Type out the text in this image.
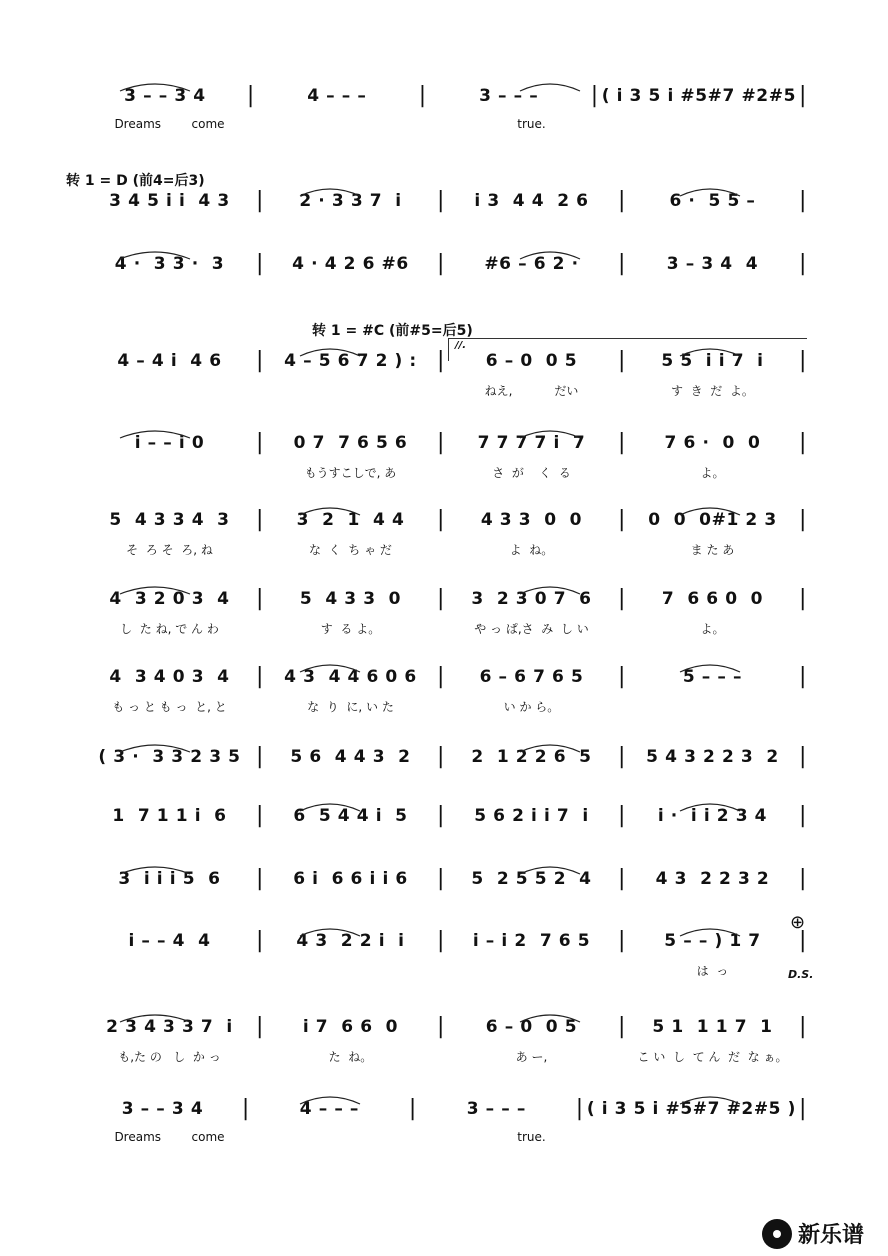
转 1 = D (前4=后3)
转 1 = #C (前#5=后5)
//.
⊕
D.S.
3 – – 3 4	|	4 – – –	|	3 – – –	| ( i 3 5 i #5#7 #2#5 |
Dreams        come	true.
3 4 5 i i  4 3	|	2 · 3 3 7  i	|	i 3  4 4  2 6	|	6 ·  5 5 –	|
4 ·  3 3 ·  3	|	4 · 4 2 6 #6	|	#6 – 6 2 ·	|	3 – 3 4  4	|
4 – 4 i  4 6	|	4 – 5 6 7 2 ) : |	6 – 0  0 5	|	5 5  i i 7  i	|
ねえ,           だい	す  き  だ  よ。
i – – i 0	|	0 7  7 6 5 6	|	7 7 7 7 i  7	|	7 6 ·  0  0	|
もうすこしで, あ	さ  が    く  る	よ。
5  4 3 3 4  3	|	3  2  1  4 4	|	4 3 3  0  0	|	0  0  0#1 2 3	|
そ  ろ そ  ろ, ね	な  く  ち ゃ だ	よ  ね。	ま た あ
4  3 2 0 3  4	|	5  4 3 3  0	|	3  2 3 0 7  6	|	7  6 6 0  0	|
し  た ね, で ん わ	す  る よ。	や っ ぱ,さ  み  し い	よ。
4  3 4 0 3  4	|	4 3  4 4 6 0 6 |	6 – 6 7 6 5	|	5 – – –	|
も っ と も っ  と, と	な  り  に, い た	い か ら。
( 3 ·  3 3 2 3 5 |	5 6  4 4 3  2	|	2  1 2 2 6  5	|	5 4 3 2 2 3  2 |
1  7 1 1 i  6	|	6  5 4 4 i  5	|	5 6 2 i i 7  i	|	i ·  i i 2 3 4	|
3  i i i 5  6	|	6 i  6 6 i i 6	|	5  2 5 5 2  4	|	4 3  2 2 3 2	|
i – – 4  4	|	4 3  2 2 i  i	|	i – i 2  7 6 5	|	5 – – ) 1 7	|
は  っ
2 3 4 3 3 7  i	|	i 7  6 6  0	|	6 – 0  0 5	|	5 1  1 1 7  1	|
も,た の   し  か っ	た  ね。	あ ー,	こ い  し  て ん  だ  な ぁ。
3 – – 3 4	|	4 – – –	|	3 – – –	| ( i 3 5 i #5#7 #2#5 ) |
Dreams        come	true.
新乐谱
